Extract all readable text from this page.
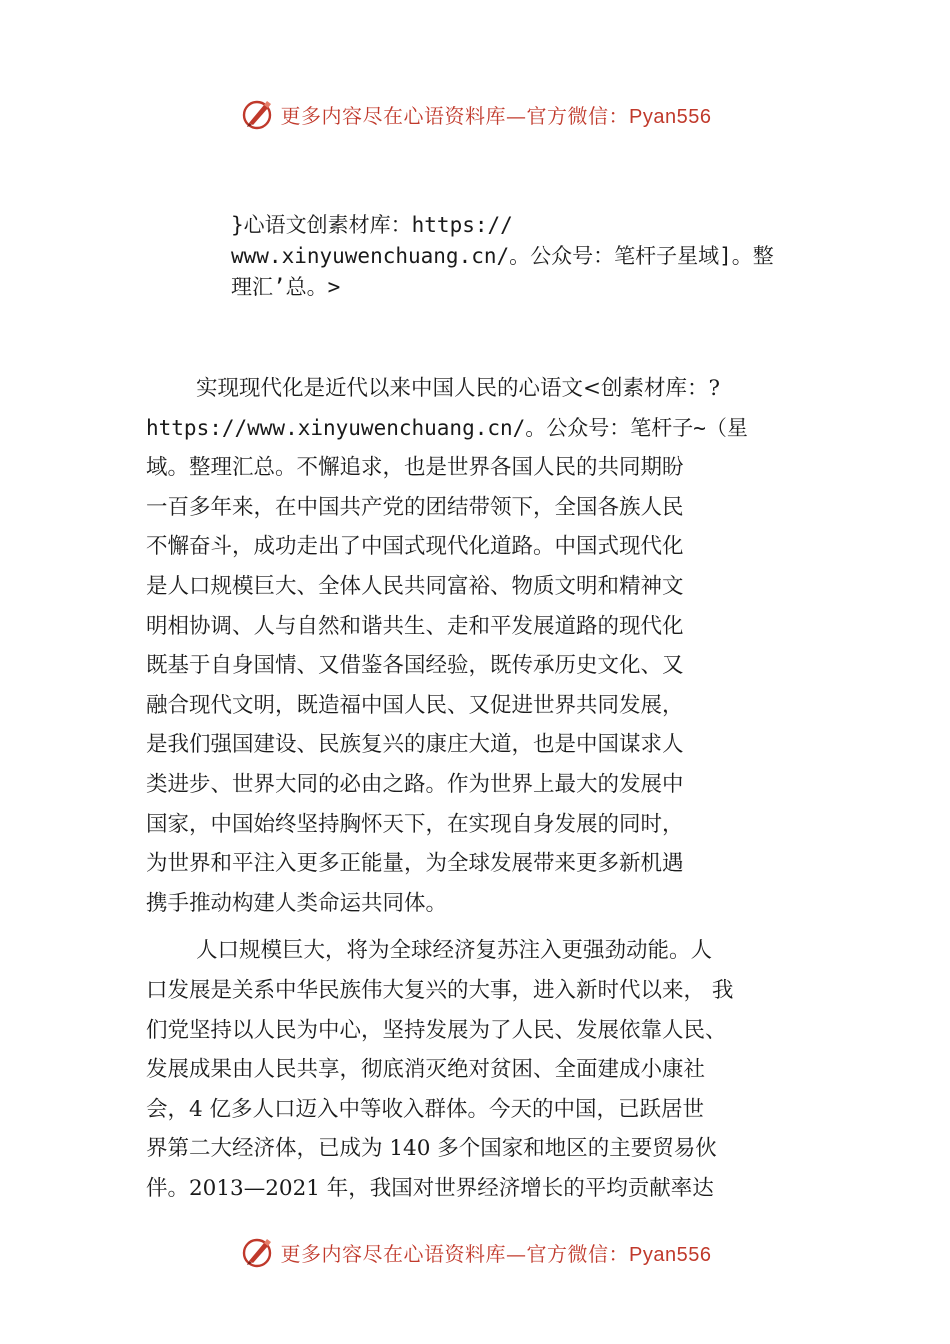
更多内容尽在心语资料库—官方微信：Pyan556
}心语文创素材库：https://
www.xinyuwenchuang.cn/。公众号：笔杆子星域]。整
理汇’总。>
实现现代化是近代以来中国人民的心语文<创素材库：?
https://www.xinyuwenchuang.cn/。公众号：笔杆子~（星
域。整理汇总。不懈追求，也是世界各国人民的共同期盼
一百多年来，在中国共产党的团结带领下，全国各族人民
不懈奋斗，成功走出了中国式现代化道路。中国式现代化
是人口规模巨大、全体人民共同富裕、物质文明和精神文
明相协调、人与自然和谐共生、走和平发展道路的现代化
既基于自身国情、又借鉴各国经验，既传承历史文化、又
融合现代文明，既造福中国人民、又促进世界共同发展，
是我们强国建设、民族复兴的康庄大道，也是中国谋求人
类进步、世界大同的必由之路。作为世界上最大的发展中
国家，中国始终坚持胸怀天下，在实现自身发展的同时，
为世界和平注入更多正能量，为全球发展带来更多新机遇
携手推动构建人类命运共同体。
人口规模巨大，将为全球经济复苏注入更强劲动能。人
口发展是关系中华民族伟大复兴的大事，进入新时代以来， 我
们党坚持以人民为中心，坚持发展为了人民、发展依靠人民、
发展成果由人民共享，彻底消灭绝对贫困、全面建成小康社
会，4 亿多人口迈入中等收入群体。今天的中国，已跃居世
界第二大经济体，已成为 140 多个国家和地区的主要贸易伙
伴。2013—2021 年，我国对世界经济增长的平均贡献率达
更多内容尽在心语资料库—官方微信：Pyan556
